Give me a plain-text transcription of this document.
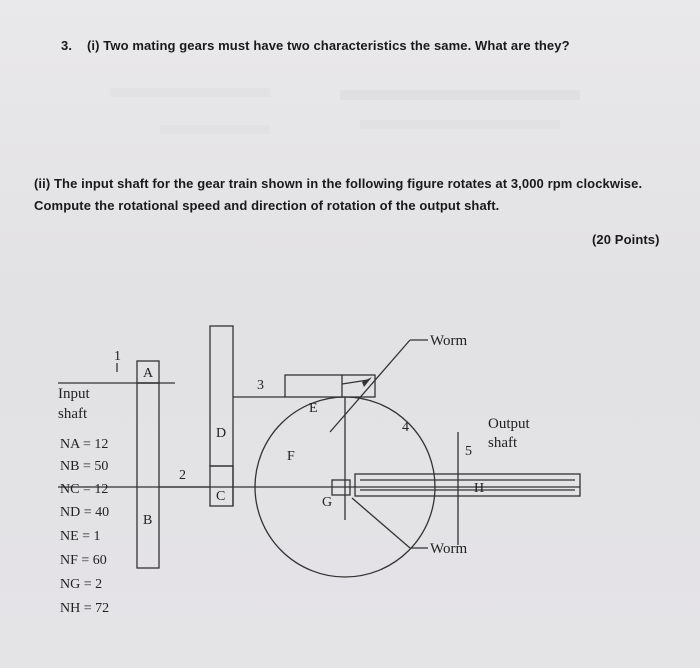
3. (i) Two mating gears must have two characteristics the same. What are they?
(ii) The input shaft for the gear train shown in the following figure rotates at 3,000 rpm clockwise.
Compute the rotational speed and direction of rotation of the output shaft.
(20 Points)
Worm
Worm
Input
shaft
Output
shaft
1
2
3
4
5
A
B
C
D
E
F
G
H
NA = 12
NB = 50
NC = 12
ND = 40
NE = 1
NF = 60
NG = 2
NH = 72
